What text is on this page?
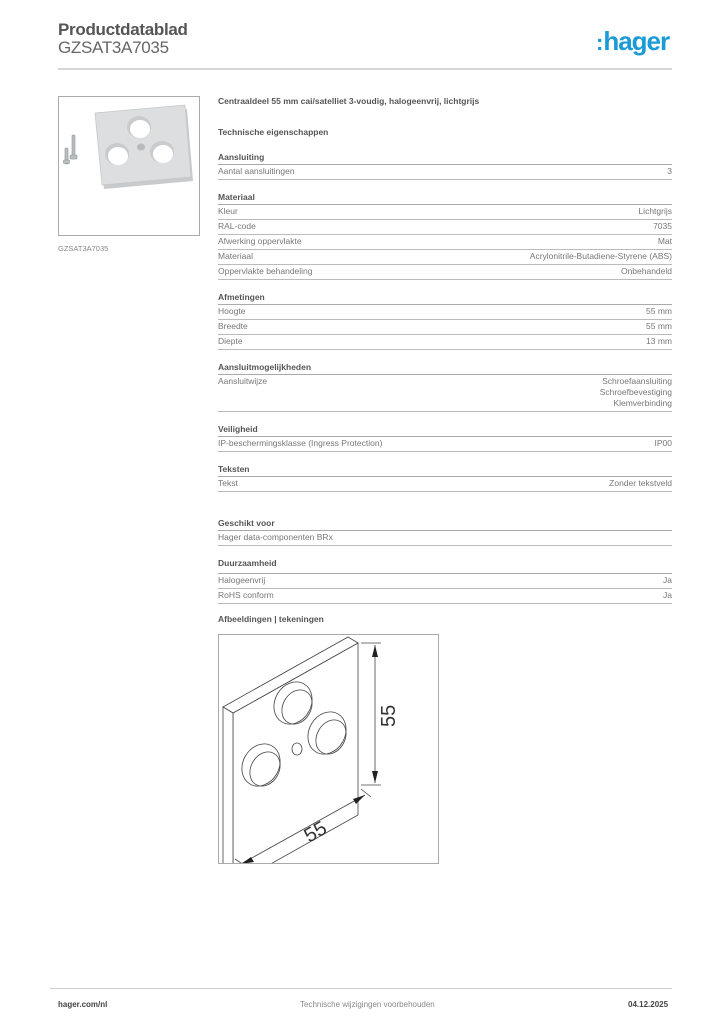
Productdatablad
GZSAT3A7035	:hager
GZSAT3A7035
Centraaldeel 55 mm cai/satelliet 3-voudig, halogeenvrij, lichtgrijs
Technische eigenschappen
Aansluiting
Aantal aansluitingen	3
Materiaal
Kleur	Lichtgrijs
RAL-code	7035
Afwerking oppervlakte	Mat
Materiaal	Acrylonitrile-Butadiene-Styrene (ABS)
Oppervlakte behandeling	Onbehandeld
Afmetingen
Hoogte	55 mm
Breedte	55 mm
Diepte	13 mm
Aansluitmogelijkheden
Aansluitwijze	Schroefaansluiting
Schroefbevestiging
Klemverbinding
Veiligheid
IP-beschermingsklasse (Ingress Protection)	IP00
Teksten
Tekst	Zonder tekstveld
Geschikt voor
Hager data-componenten BRx
Duurzaamheid
Halogeenvrij	Ja
RoHS conform	Ja
Afbeeldingen | tekeningen
55
55
hager.com/nl	Technische wijzigingen voorbehouden	04.12.2025
